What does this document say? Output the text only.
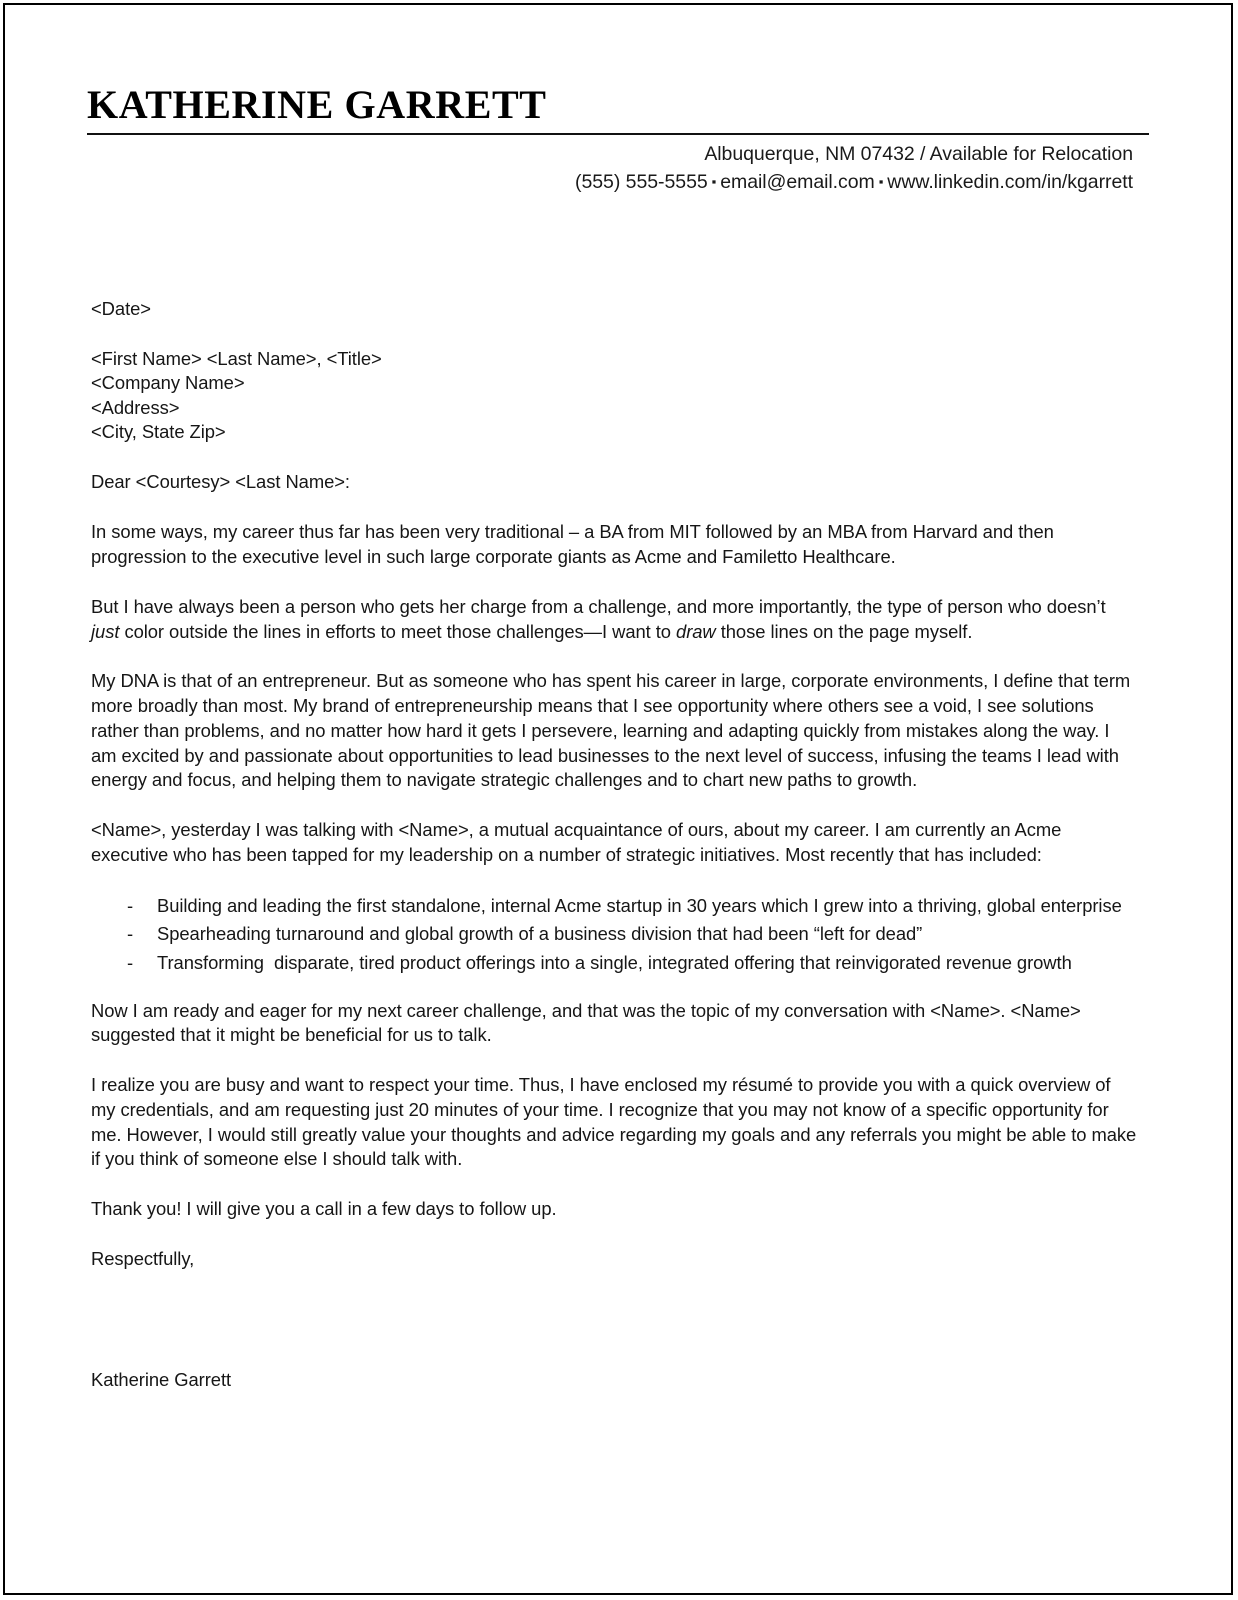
KATHERINE GARRETT
Albuquerque, NM 07432 / Available for Relocation
(555) 555-5555 ▪ email@email.com ▪ www.linkedin.com/in/kgarrett
<Date>
<First Name> <Last Name>, <Title>
<Company Name>
<Address>
<City, State Zip>
Dear <Courtesy> <Last Name>:

In some ways, my career thus far has been very traditional – a BA from MIT followed by an MBA from Harvard and then progression to the executive level in such large corporate giants as Acme and Familetto Healthcare.

But I have always been a person who gets her charge from a challenge, and more importantly, the type of person who doesn’t just color outside the lines in efforts to meet those challenges—I want to draw those lines on the page myself.

My DNA is that of an entrepreneur. But as someone who has spent his career in large, corporate environments, I define that term more broadly than most. My brand of entrepreneurship means that I see opportunity where others see a void, I see solutions rather than problems, and no matter how hard it gets I persevere, learning and adapting quickly from mistakes along the way. I am excited by and passionate about opportunities to lead businesses to the next level of success, infusing the teams I lead with energy and focus, and helping them to navigate strategic challenges and to chart new paths to growth.

<Name>, yesterday I was talking with <Name>, a mutual acquaintance of ours, about my career. I am currently an Acme executive who has been tapped for my leadership on a number of strategic initiatives. Most recently that has included:

- Building and leading the first standalone, internal Acme startup in 30 years which I grew into a thriving, global enterprise
- Spearheading turnaround and global growth of a business division that had been “left for dead”
- Transforming  disparate, tired product offerings into a single, integrated offering that reinvigorated revenue growth

Now I am ready and eager for my next career challenge, and that was the topic of my conversation with <Name>. <Name> suggested that it might be beneficial for us to talk.

I realize you are busy and want to respect your time. Thus, I have enclosed my résumé to provide you with a quick overview of my credentials, and am requesting just 20 minutes of your time. I recognize that you may not know of a specific opportunity for me. However, I would still greatly value your thoughts and advice regarding my goals and any referrals you might be able to make if you think of someone else I should talk with.

Thank you! I will give you a call in a few days to follow up.

Respectfully,
Katherine Garrett
